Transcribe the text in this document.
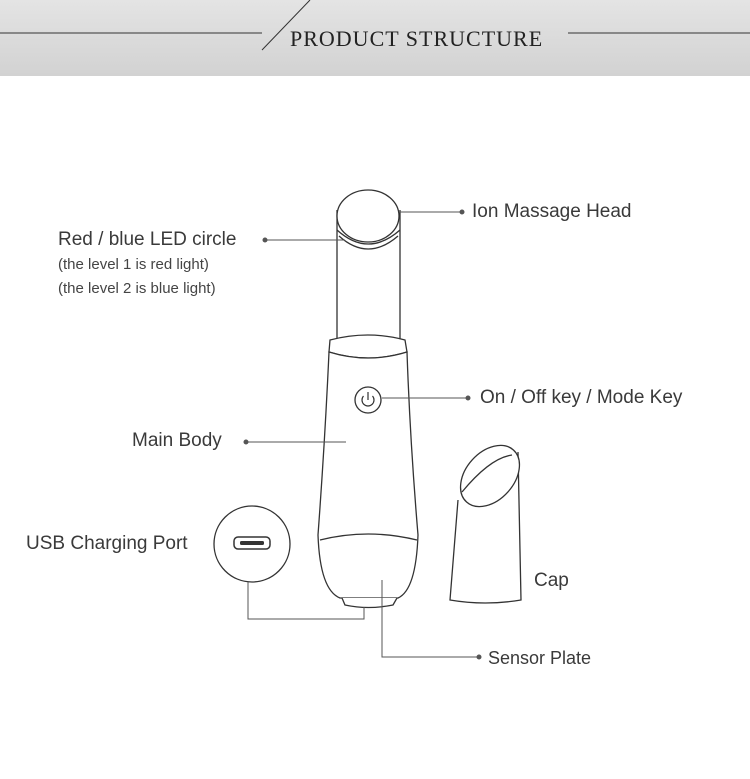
PRODUCT STRUCTURE
Ion Massage Head
Red / blue LED circle
(the level 1 is red light)
(the level 2 is blue light)
On / Off key / Mode Key
Main Body
USB Charging Port
Cap
Sensor Plate
